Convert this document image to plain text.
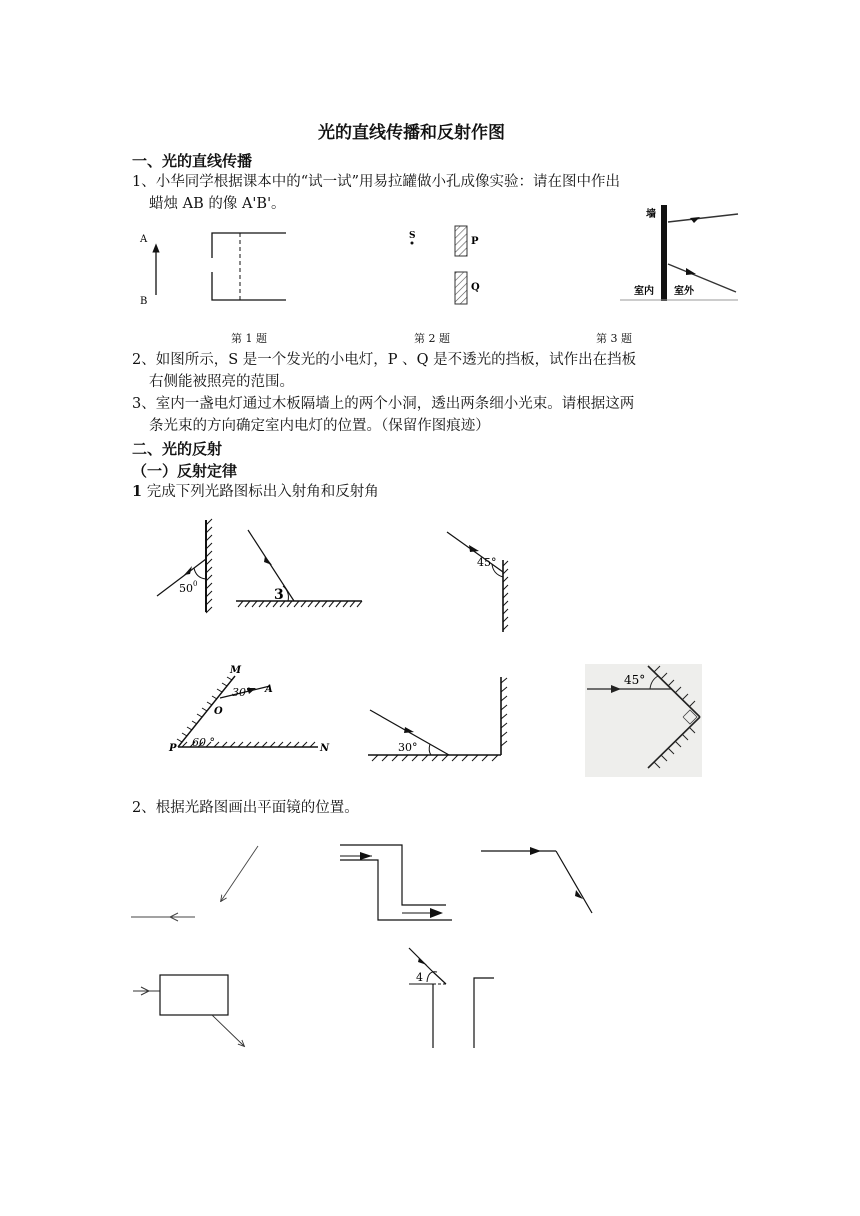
光的直线传播和反射作图
一、光的直线传播
1、小华同学根据课本中的“试一试”用易拉罐做小孔成像实验：请在图中作出
蜡烛 AB 的像 A'B'。
第 1 题	第 2 题	第 3 题
2、如图所示，S 是一个发光的小电灯，P 、Q 是不透光的挡板，试作出在挡板
右侧能被照亮的范围。
3、室内一盏电灯通过木板隔墙上的两个小洞，透出两条细小光束。请根据这两
条光束的方向确定室内电灯的位置。（保留作图痕迹）
二、光的反射
（一）反射定律
1 完成下列光路图标出入射角和反射角
2、根据光路图画出平面镜的位置。
A
B
S	P
Q
墙
室内 室外
50 0
3
45°
M
A
O
P	N
30°
60 °	30°
45°
4
